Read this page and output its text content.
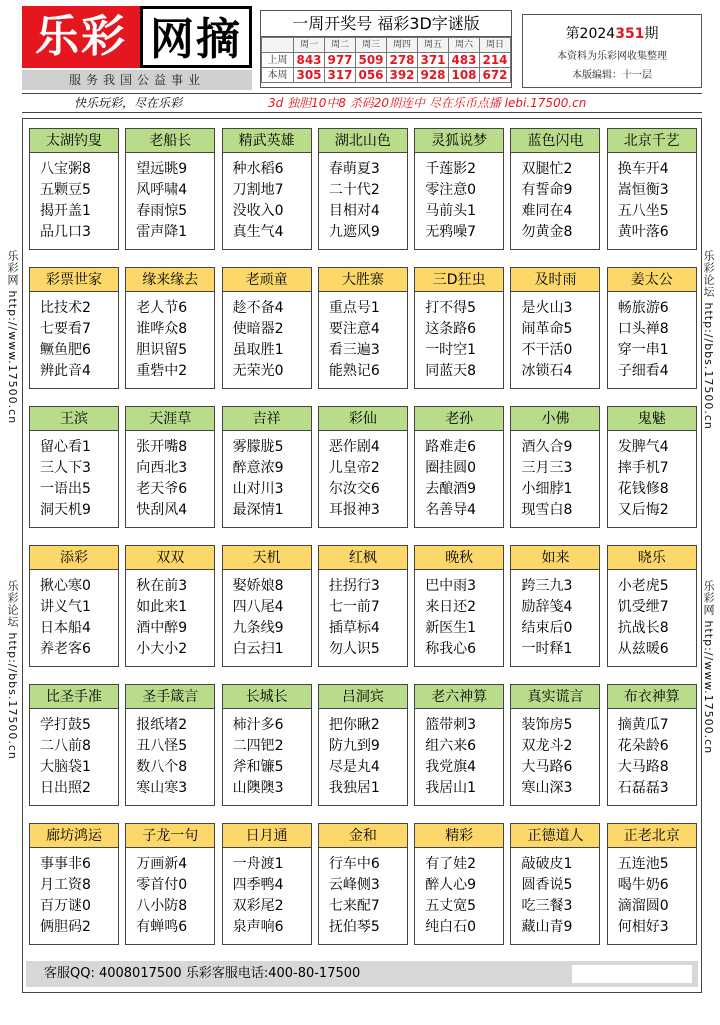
乐彩 网摘
服务我国公益事业
一周开奖号 福彩3D字谜版
	周一	周二	周三	周四	周五	周六	周日
上周	843	977	509	278	371	483	214
本周	305	317	056	392	928	108	672
第2024351期
本资料为乐彩网收集整理
本版编辑：十一层
快乐玩彩，尽在乐彩	3d 独胆10中8 杀码20期连中 尽在乐币点播 lebi.17500.cn
乐彩网 http://www.17500.cn
乐彩论坛 http://bbs.17500.cn
乐彩论坛 http://bbs.17500.cn
乐彩网 http://www.17500.cn
太湖钓叟
八宝粥8
五颗豆5
揭开盖1
品几口3
老船长
望远眺9
风呼啸4
春雨惊5
雷声降1
精武英雄
种水稻6
刀割地7
没收入0
真生气4
湖北山色
春萌夏3
二十代2
目相对4
九遮风9
灵狐说梦
千莲影2
零注意0
马前头1
无鸦噪7
蓝色闪电
双腿忙2
有誓命9
难同在4
勿黄金8
北京千艺
换车开4
嵩恒衡3
五八坐5
黄叶落6
彩票世家
比技术2
七要看7
鳜鱼肥6
辨此音4
缘来缘去
老人节6
谁哗众8
胆识留5
重砦中2
老顽童
趁不备4
使暗器2
虽取胜1
无荣光0
大胜寨
重点号1
要注意4
看三遍3
能熟记6
三D狂虫
打不得5
这条路6
一时空1
同蓝天8
及时雨
是火山3
闹革命5
不干活0
冰锁石4
姜太公
畅旅游6
口头禅8
穿一串1
子细看4
王滨
留心看1
三人下3
一语出5
洞天机9
天涯草
张开嘴8
向西北3
老天爷6
快刮风4
吉祥
雾朦胧5
醉意浓9
山对川3
最深情1
彩仙
恶作剧4
儿皇帝2
尔汝交6
耳报神3
老孙
路难走6
圈挂圆0
去酿酒9
名善导4
小佛
酒久合9
三月三3
小细脖1
现雪白8
鬼魅
发脾气4
摔手机7
花钱修8
又后悔2
添彩
揪心寒0
讲义气1
日本船4
养老客6
双双
秋在前3
如此来1
酒中醉9
小大小2
天机
娶娇娘8
四八尾4
九条线9
白云扫1
红枫
拄拐行3
七一前7
插草标4
勿人识5
晚秋
巴中雨3
来日还2
新医生1
称我心6
如来
跨三九3
励辞笺4
结束后0
一时释1
晓乐
小老虎5
饥受绁7
抗战长8
从兹暖6
比圣手准
学打鼓5
二八前8
大脑袋1
日出照2
圣手箴言
报纸堵2
丑八怪5
数八个8
寒山寒3
长城长
柿汁多6
二四钯2
斧和镰5
山隩隩3
吕洞宾
把你瞅2
防九到9
尽是丸4
我独居1
老六神算
篮带刺3
组六来6
我党旗4
我居山1
真实谎言
装饰房5
双龙斗2
大马路6
寒山深3
布衣神算
摘黄瓜7
花朵龄6
大马路8
石磊磊3
廊坊鸿运
事事非6
月工资8
百万谜0
俩胆码2
子龙一句
万画新4
零首付0
八小防8
有蝉鸣6
日月通
一舟渡1
四季鸭4
双彩尾2
泉声响6
金和
行车中6
云峰侧3
七来配7
抚伯琴5
精彩
有了娃2
醉人心9
五丈宽5
纯白石0
正德道人
敲破皮1
圆香说5
吃三餐3
藏山青9
正老北京
五连池5
喝牛奶6
滴溜圆0
何相好3
客服QQ: 4008017500 乐彩客服电话:400-80-17500
